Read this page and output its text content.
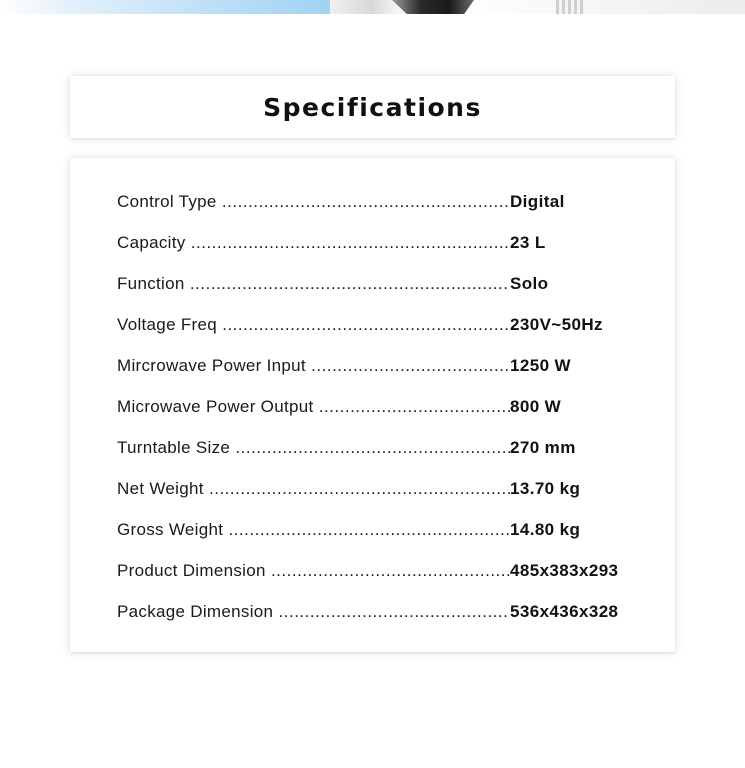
Specifications
Control Type .....	Digital
Capacity .....	23 L
Function .....	Solo
Voltage Freq .....	230V~50Hz
Mircrowave Power Input .....	1250 W
Microwave Power Output .....	800 W
Turntable Size .....	270 mm
Net Weight .....	13.70 kg
Gross Weight .....	14.80 kg
Product Dimension .....	485x383x293
Package Dimension .....	536x436x328
